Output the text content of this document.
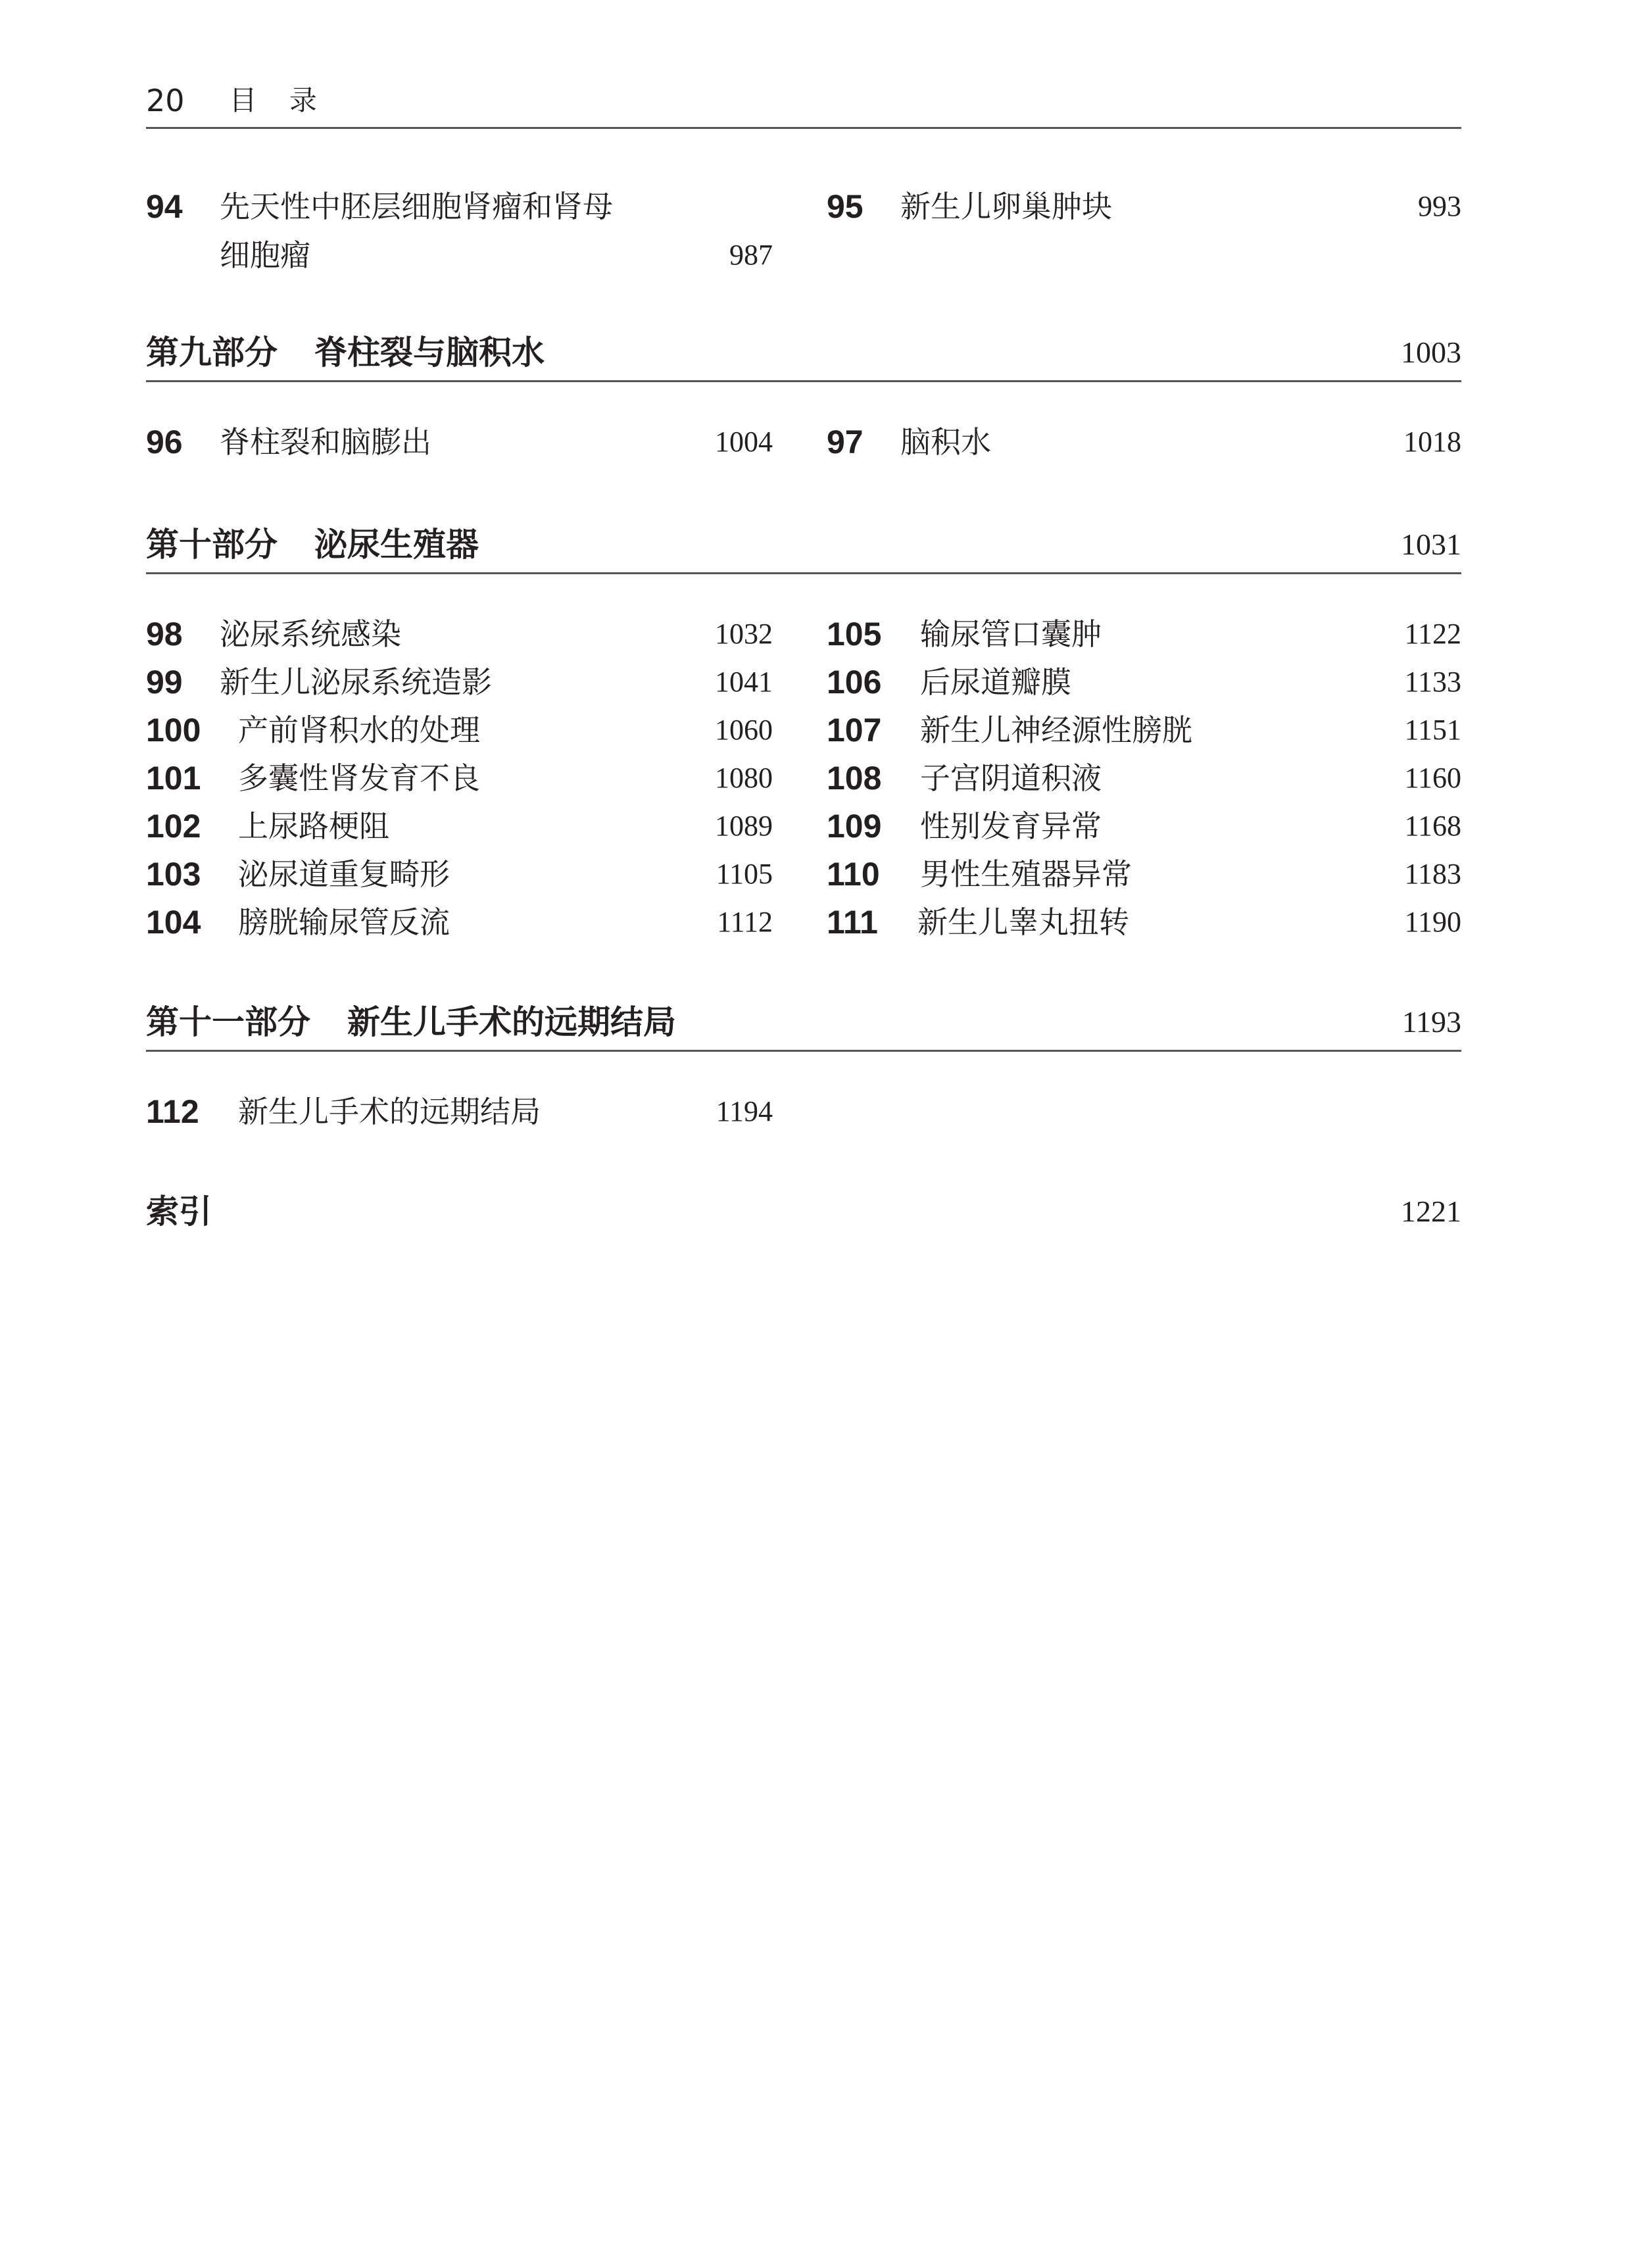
20 目 录
94 先天性中胚层细胞肾瘤和肾母
细胞瘤	987
95 新生儿卵巢肿块	993
第九部分 脊柱裂与脑积水	1003
96 脊柱裂和脑膨出	1004 97 脑积水	1018
第十部分 泌尿生殖器	1031
98 泌尿系统感染	1032
99 新生儿泌尿系统造影	1041
100 产前肾积水的处理	1060
101 多囊性肾发育不良	1080
102 上尿路梗阻	1089
103 泌尿道重复畸形	1105
104 膀胱输尿管反流	1112
105 输尿管口囊肿	1122
106 后尿道瓣膜	1133
107 新生儿神经源性膀胱	1151
108 子宫阴道积液	1160
109 性别发育异常	1168
110 男性生殖器异常	1183
111 新生儿睾丸扭转	1190
第十一部分 新生儿手术的远期结局	1193
112 新生儿手术的远期结局	1194
索引	1221
